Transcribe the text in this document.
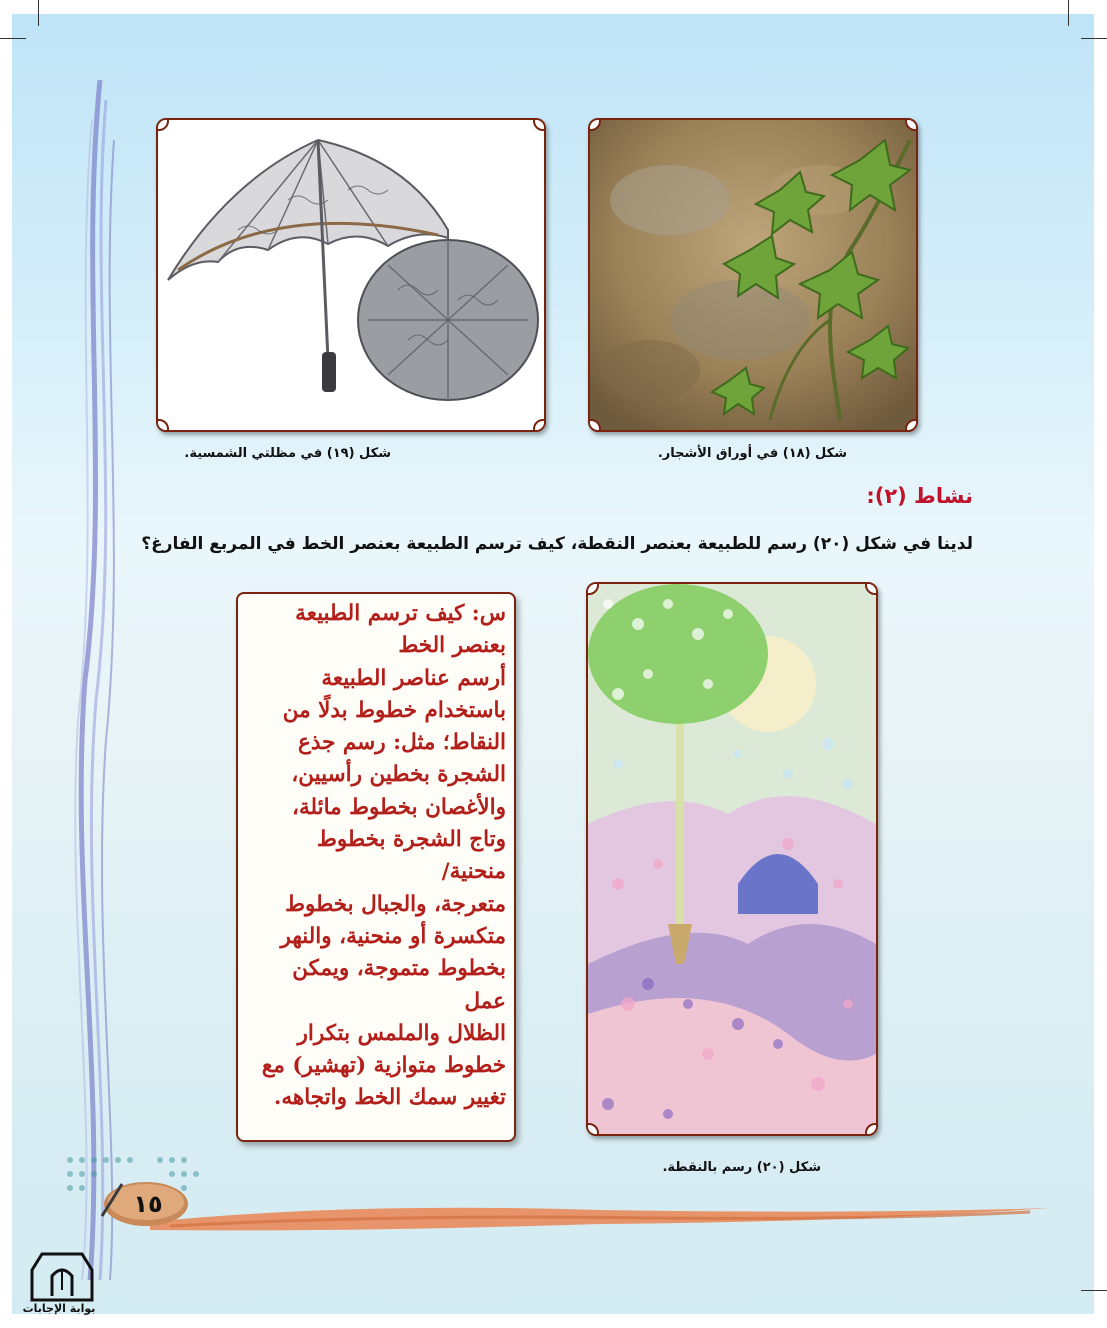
شكل (١٨) في أوراق الأشجار.
شكل (١٩) في مظلتي الشمسية.
نشاط (٢):
لدينا في شكل (٢٠) رسم للطبيعة بعنصر النقطة، كيف ترسم الطبيعة بعنصر الخط في المربع الفارغ؟
شكل (٢٠) رسم بالنقطة.
س: كيف ترسم الطبيعة
بعنصر الخط
أرسم عناصر الطبيعة
باستخدام خطوط بدلًا من
النقاط؛ مثل: رسم جذع
الشجرة بخطين رأسيين،
والأغصان بخطوط مائلة،
وتاج الشجرة بخطوط منحنية/
متعرجة، والجبال بخطوط
متكسرة أو منحنية، والنهر
بخطوط متموجة، ويمكن عمل
الظلال والملمس بتكرار
خطوط متوازية (تهشير) مع
تغيير سمك الخط واتجاهه.
١٥
بوابة الإجابات
